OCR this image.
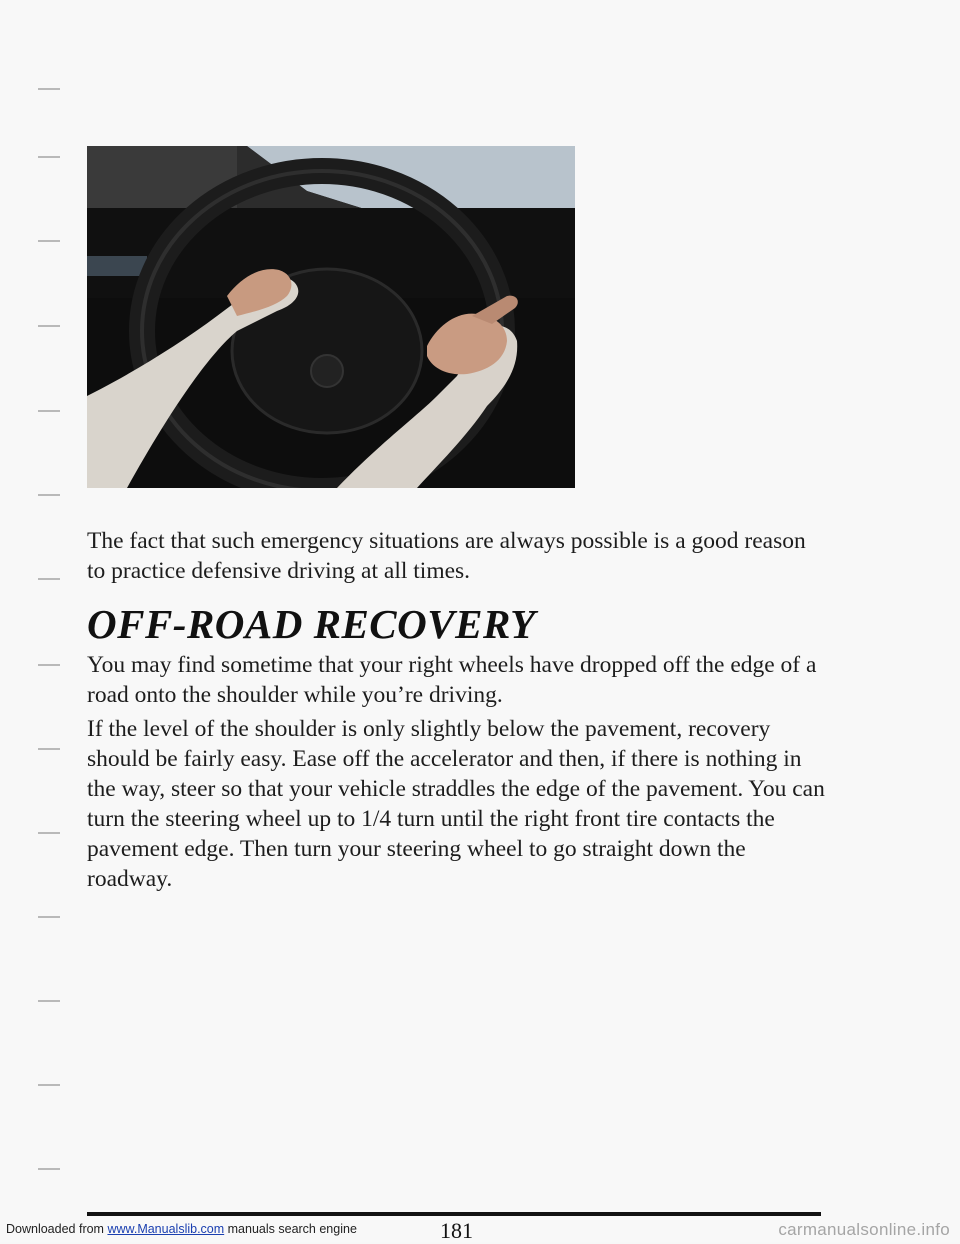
The fact that such emergency situations are always possible is a good reason to practice defensive driving at all times.
OFF-ROAD RECOVERY
You may find sometime that your right wheels have dropped off the edge of a road onto the shoulder while you’re driving.
If the level of the shoulder is only slightly below the pavement, recovery should be fairly easy. Ease off the accelerator and then, if there is nothing in the way, steer so that your vehicle straddles the edge of the pavement. You can turn the steering wheel up to 1/4 turn until the right front tire contacts the pavement edge. Then turn your steering wheel to go straight down the roadway.
Downloaded from www.Manualslib.com manuals search engine	181	carmanualsonline.info
